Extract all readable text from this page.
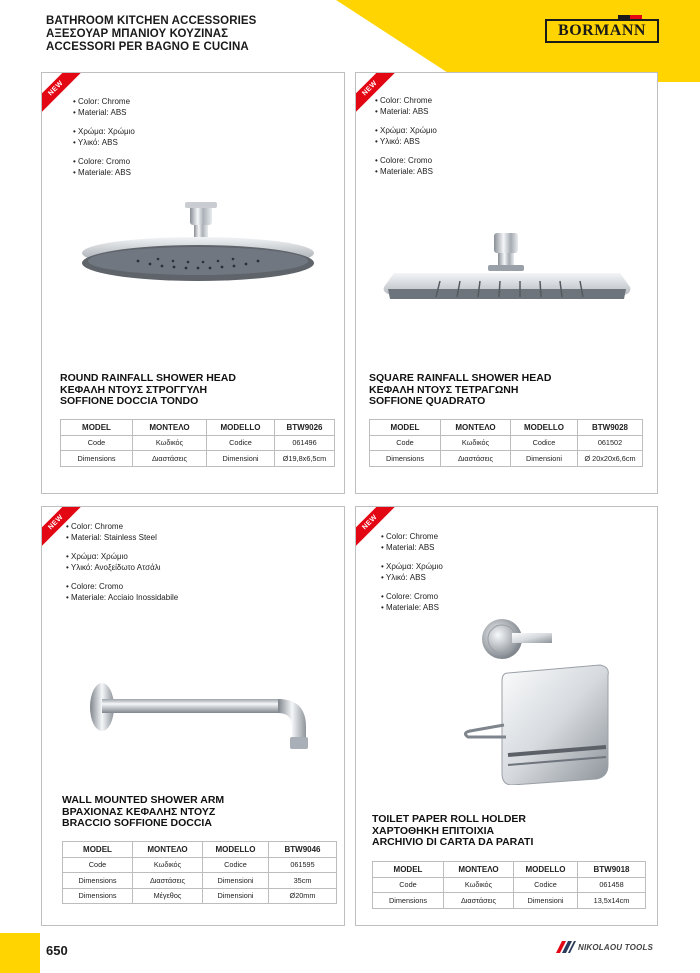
BATHROOM KITCHEN ACCESSORIES
ΑΞΕΣΟΥΑΡ ΜΠΑΝΙΟΥ ΚΟΥΖΙΝΑΣ
ACCESSORI PER BAGNO E CUCINA
BORMANN
NEW
• Color: Chrome
• Material: ABS
• Χρώμα: Χρώμιο
• Υλικό: ABS
• Colore: Cromo
• Materiale: ABS
ROUND RAINFALL SHOWER HEAD
ΚΕΦΑΛΗ ΝΤΟΥΣ ΣΤΡΟΓΓΥΛΗ
SOFFIONE DOCCIA TONDO
MODEL	ΜΟΝΤΕΛΟ	MODELLO	BTW9026
Code	Κωδικός	Codice	061496
Dimensions	Διαστάσεις	Dimensioni	Ø19,8x6,5cm
NEW
• Color: Chrome
• Material: ABS
• Χρώμα: Χρώμιο
• Υλικό: ABS
• Colore: Cromo
• Materiale: ABS
SQUARE RAINFALL SHOWER HEAD
ΚΕΦΑΛΗ ΝΤΟΥΣ ΤΕΤΡΑΓΩΝΗ
SOFFIONE QUADRATO
MODEL	ΜΟΝΤΕΛΟ	MODELLO	BTW9028
Code	Κωδικός	Codice	061502
Dimensions	Διαστάσεις	Dimensioni	Ø 20x20x6,6cm
NEW • Color: Chrome
• Material: Stainless Steel
• Χρώμα: Χρώμιο
• Υλικό: Ανοξείδωτο Ατσάλι
• Colore: Cromo
• Materiale: Acciaio Inossidabile
WALL MOUNTED SHOWER ARM
ΒΡΑΧΙΟΝΑΣ ΚΕΦΑΛΗΣ ΝΤΟΥΖ
BRACCIO SOFFIONE DOCCIA
MODEL	ΜΟΝΤΕΛΟ	MODELLO	BTW9046
Code	Κωδικός	Codice	061595
Dimensions	Διαστάσεις	Dimensioni	35cm
Dimensions	Μέγεθος	Dimensioni	Ø20mm
NEW
• Color: Chrome
• Material: ABS
• Χρώμα: Χρώμιο
• Υλικό: ABS
• Colore: Cromo
• Materiale: ABS
TOILET PAPER ROLL HOLDER
ΧΑΡΤΟΘΗΚΗ ΕΠΙΤΟΙΧΙΑ
ARCHIVIO DI CARTA DA PARATI
MODEL	ΜΟΝΤΕΛΟ	MODELLO	BTW9018
Code	Κωδικός	Codice	061458
Dimensions	Διαστάσεις	Dimensioni	13,5x14cm
650	NIKOLAOU TOOLS
